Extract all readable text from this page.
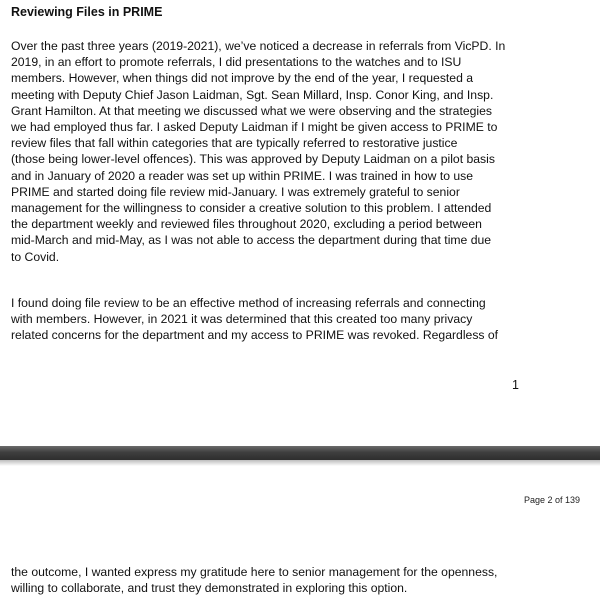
Reviewing Files in PRIME

Over the past three years (2019-2021), we’ve noticed a decrease in referrals from VicPD. In
2019, in an effort to promote referrals, I did presentations to the watches and to ISU
members. However, when things did not improve by the end of the year, I requested a
meeting with Deputy Chief Jason Laidman, Sgt. Sean Millard, Insp. Conor King, and Insp.
Grant Hamilton. At that meeting we discussed what we were observing and the strategies
we had employed thus far. I asked Deputy Laidman if I might be given access to PRIME to
review files that fall within categories that are typically referred to restorative justice
(those being lower-level offences). This was approved by Deputy Laidman on a pilot basis
and in January of 2020 a reader was set up within PRIME. I was trained in how to use
PRIME and started doing file review mid-January. I was extremely grateful to senior
management for the willingness to consider a creative solution to this problem. I attended
the department weekly and reviewed files throughout 2020, excluding a period between
mid-March and mid-May, as I was not able to access the department during that time due
to Covid.

I found doing file review to be an effective method of increasing referrals and connecting
with members. However, in 2021 it was determined that this created too many privacy
related concerns for the department and my access to PRIME was revoked. Regardless of

1
Page 2 of 139

the outcome, I wanted express my gratitude here to senior management for the openness,
willing to collaborate, and trust they demonstrated in exploring this option.
